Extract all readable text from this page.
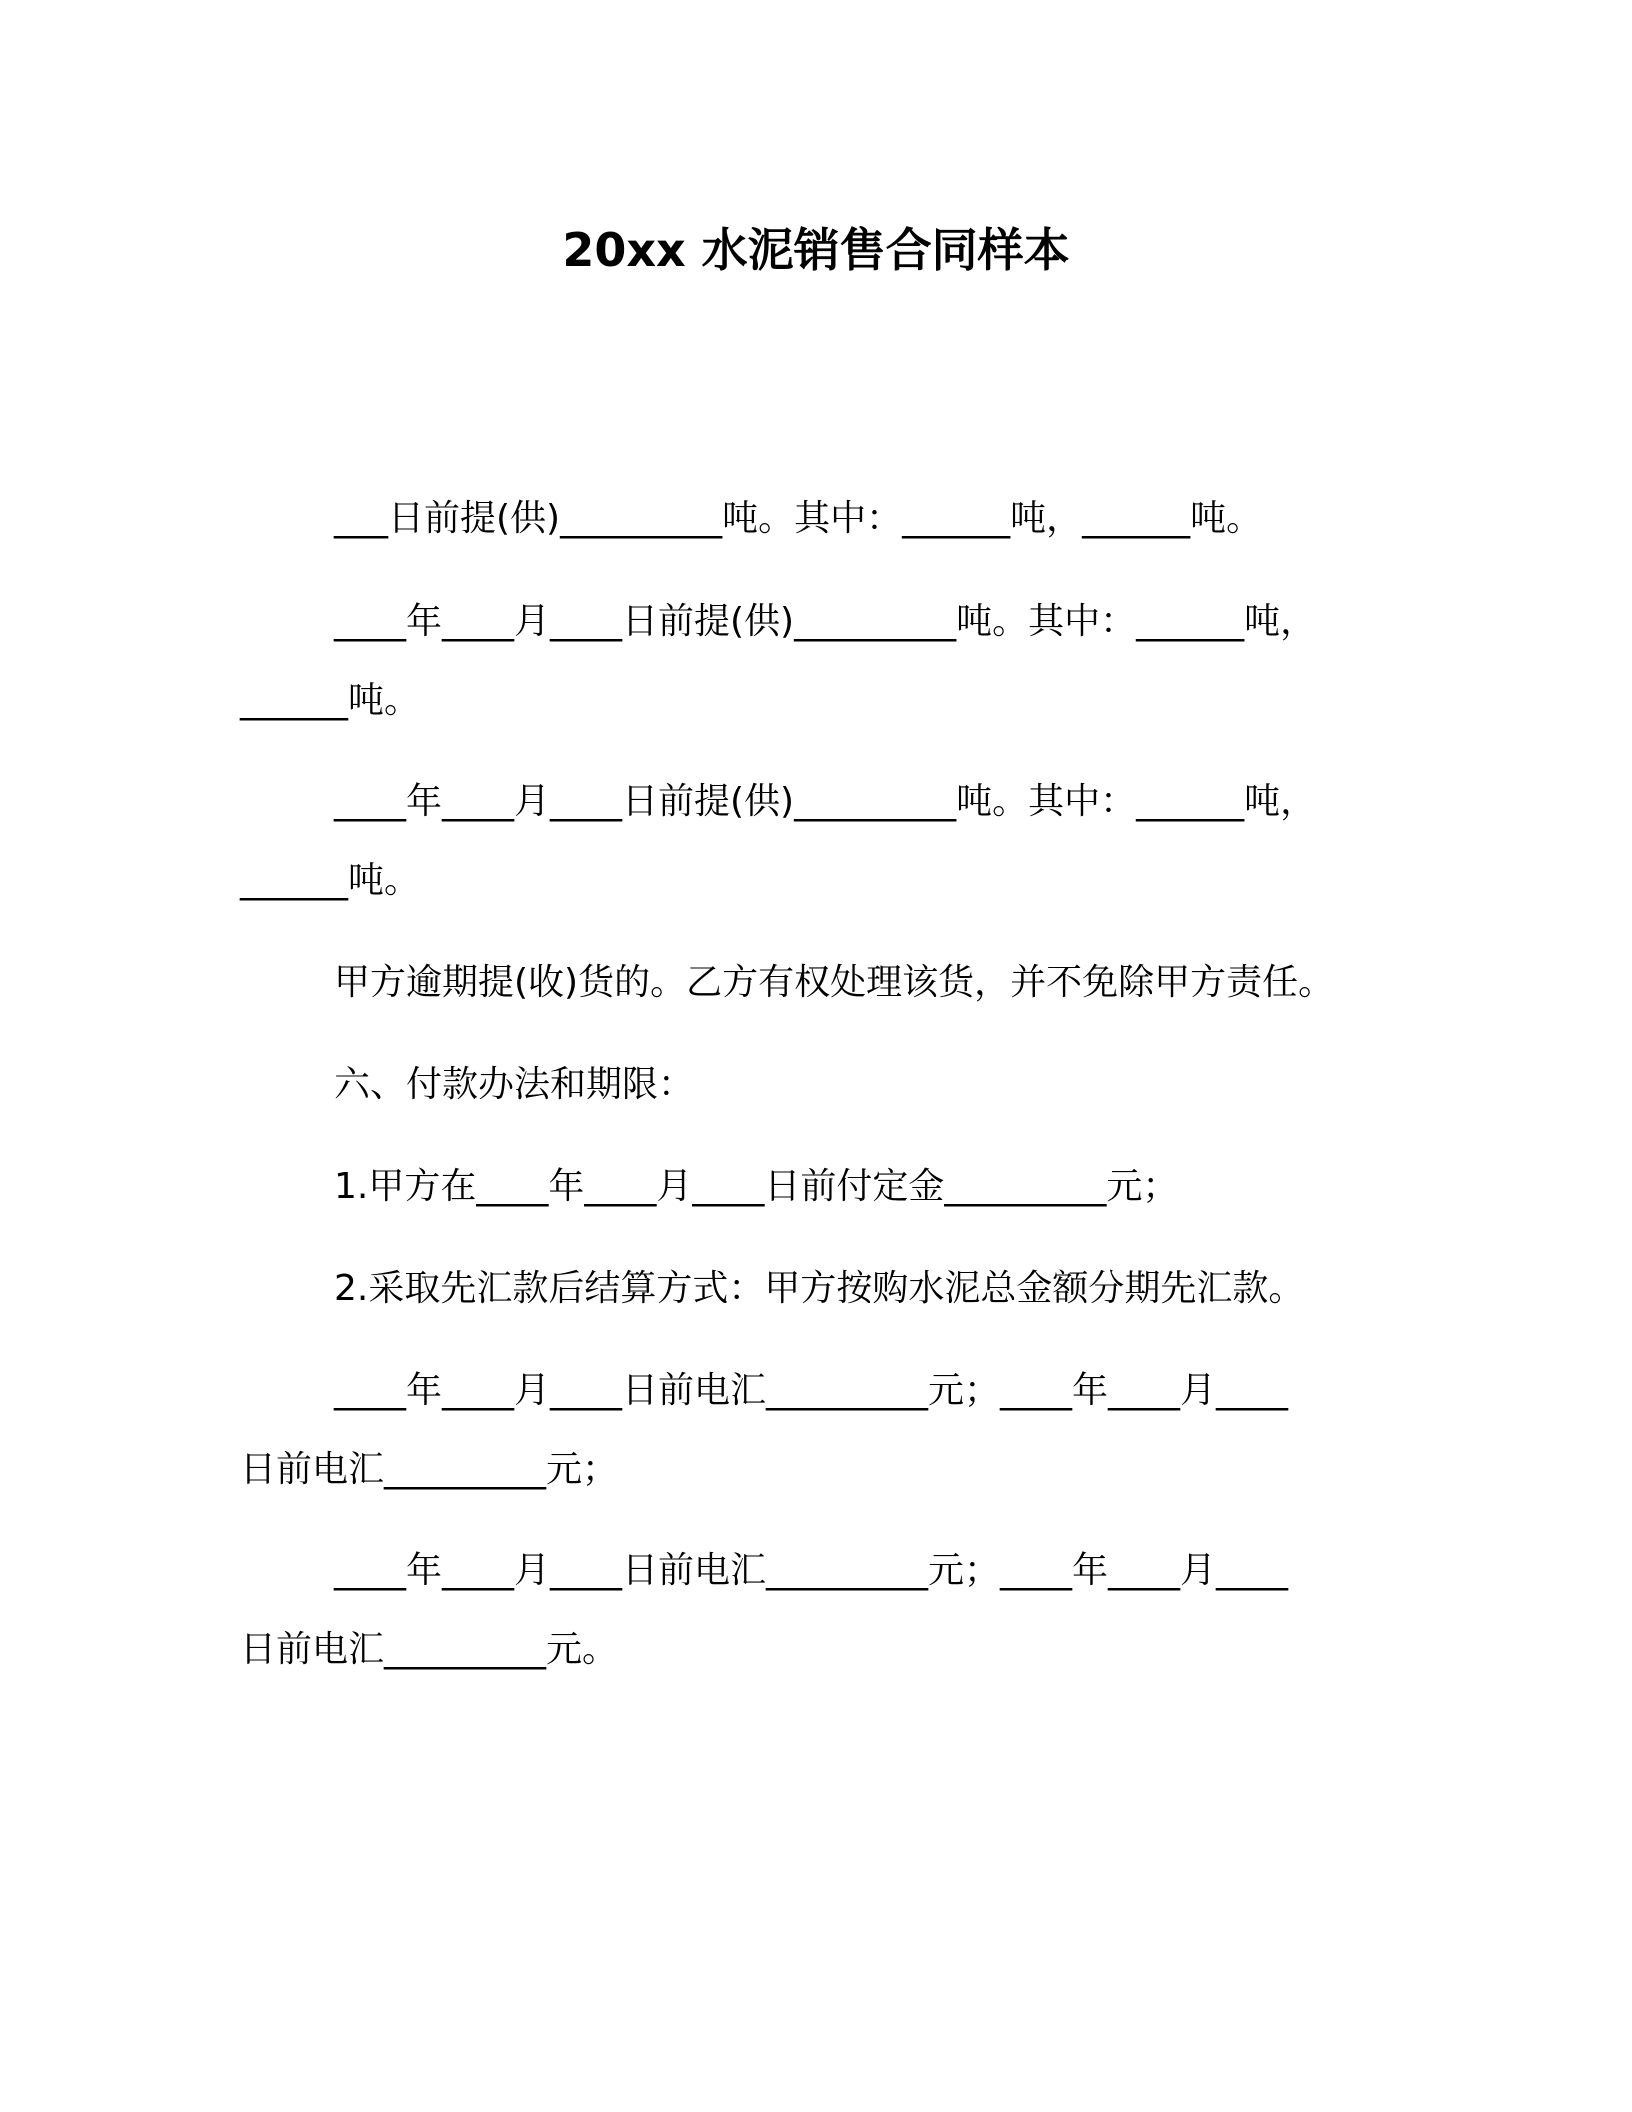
20xx 水泥销售合同样本

___日前提(供)_________吨。其中：______吨，______吨。

____年____月____日前提(供)_________吨。其中：______吨，

______吨。

____年____月____日前提(供)_________吨。其中：______吨，

______吨。

甲方逾期提(收)货的。乙方有权处理该货，并不免除甲方责任。

六、付款办法和期限：

1.甲方在____年____月____日前付定金_________元；

2.采取先汇款后结算方式：甲方按购水泥总金额分期先汇款。

____年____月____日前电汇_________元；____年____月____

日前电汇_________元；

____年____月____日前电汇_________元；____年____月____

日前电汇_________元。
